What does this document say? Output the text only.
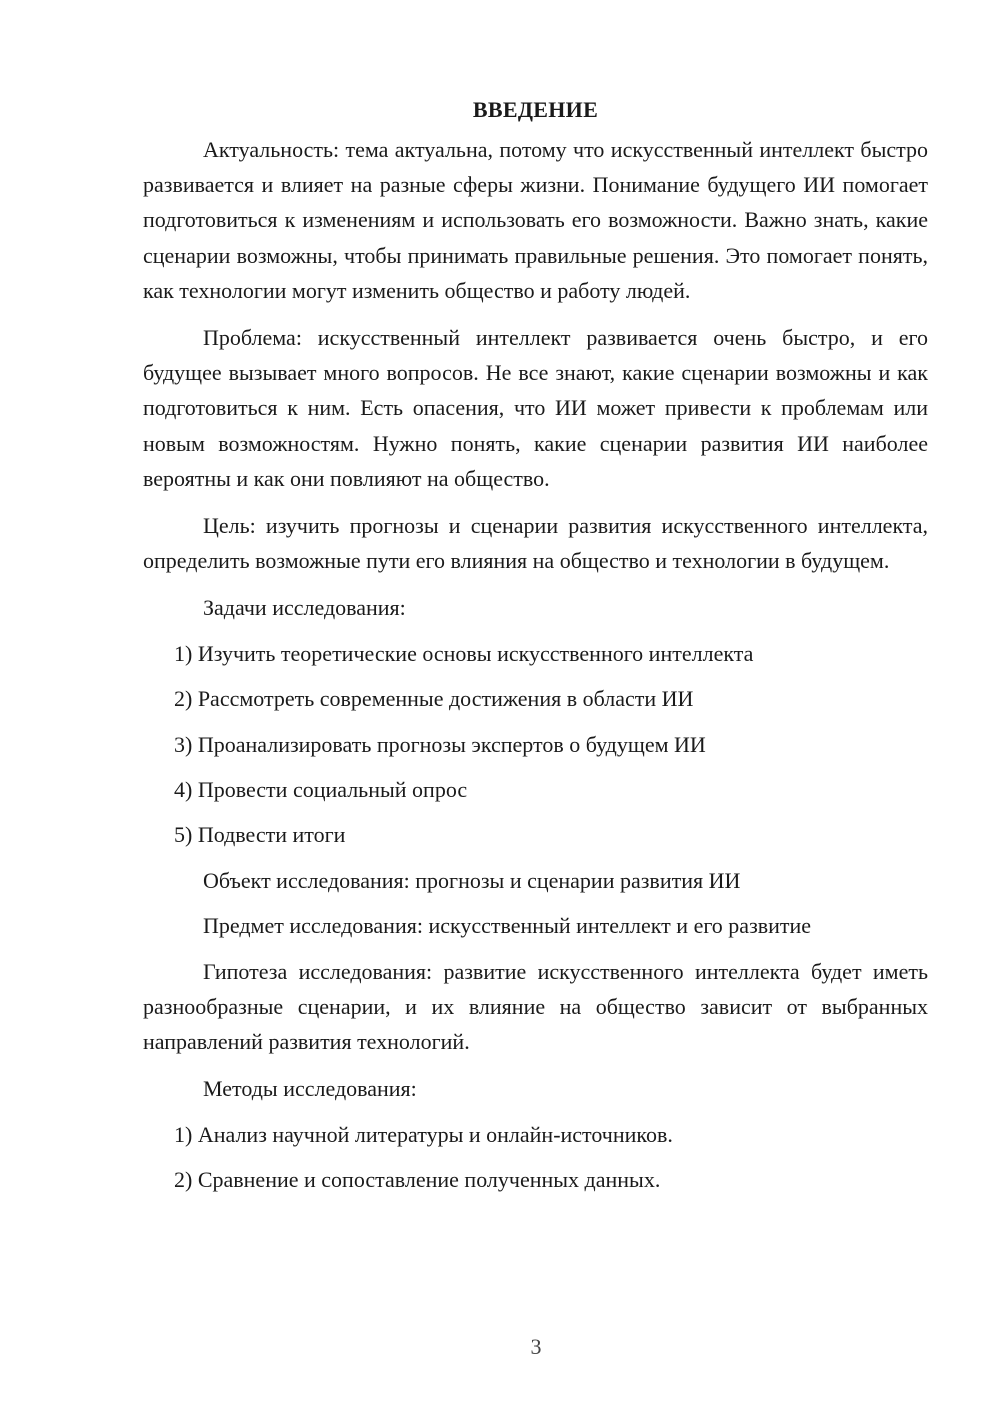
ВВЕДЕНИЕ

Актуальность: тема актуальна, потому что искусственный интеллект быстро развивается и влияет на разные сферы жизни. Понимание будущего ИИ помогает подготовиться к изменениям и использовать его возможности. Важно знать, какие сценарии возможны, чтобы принимать правильные решения. Это помогает понять, как технологии могут изменить общество и работу людей.

Проблема: искусственный интеллект развивается очень быстро, и его будущее вызывает много вопросов. Не все знают, какие сценарии возможны и как подготовиться к ним. Есть опасения, что ИИ может привести к проблемам или новым возможностям. Нужно понять, какие сценарии развития ИИ наиболее вероятны и как они повлияют на общество.

Цель: изучить прогнозы и сценарии развития искусственного интеллекта, определить возможные пути его влияния на общество и технологии в будущем.

Задачи исследования:

1) Изучить теоретические основы искусственного интеллекта

2) Рассмотреть современные достижения в области ИИ

3) Проанализировать прогнозы экспертов о будущем ИИ

4) Провести социальный опрос

5) Подвести итоги

Объект исследования: прогнозы и сценарии развития ИИ

Предмет исследования: искусственный интеллект и его развитие

Гипотеза исследования: развитие искусственного интеллекта будет иметь разнообразные сценарии, и их влияние на общество зависит от выбранных направлений развития технологий.

Методы исследования:

1) Анализ научной литературы и онлайн-источников.

2) Сравнение и сопоставление полученных данных.

3
